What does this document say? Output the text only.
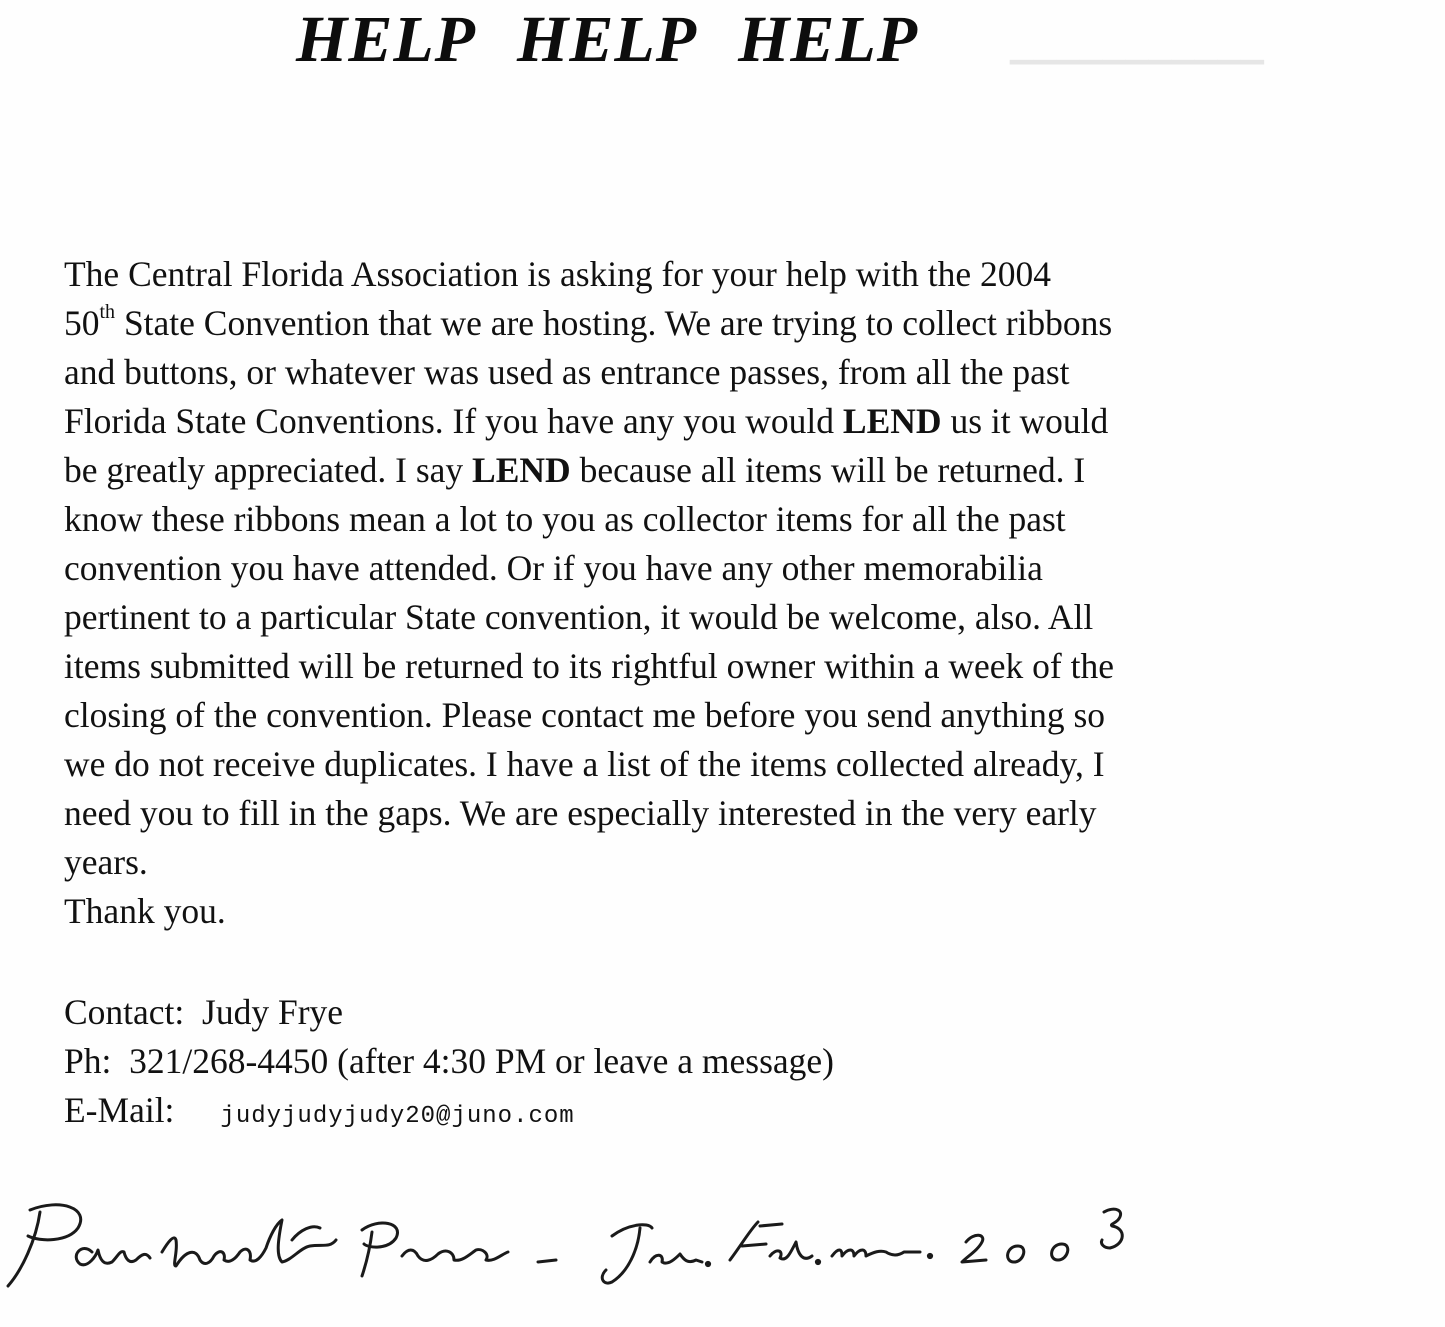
▁▁▁▁▁▁▁▁▁▁▁
HELP HELP HELP
The Central Florida Association is asking for your help with the 2004
50th State Convention that we are hosting. We are trying to collect ribbons
and buttons, or whatever was used as entrance passes, from all the past
Florida State Conventions. If you have any you would LEND us it would
be greatly appreciated. I say LEND because all items will be returned. I
know these ribbons mean a lot to you as collector items for all the past
convention you have attended. Or if you have any other memorabilia
pertinent to a particular State convention, it would be welcome, also. All
items submitted will be returned to its rightful owner within a week of the
closing of the convention. Please contact me before you send anything so
we do not receive duplicates. I have a list of the items collected already, I
need you to fill in the gaps. We are especially interested in the very early
years.
Thank you.
Contact: Judy Frye
Ph: 321/268-4450 (after 4:30 PM or leave a message)
E-Mail: judyjudyjudy20@juno.com
